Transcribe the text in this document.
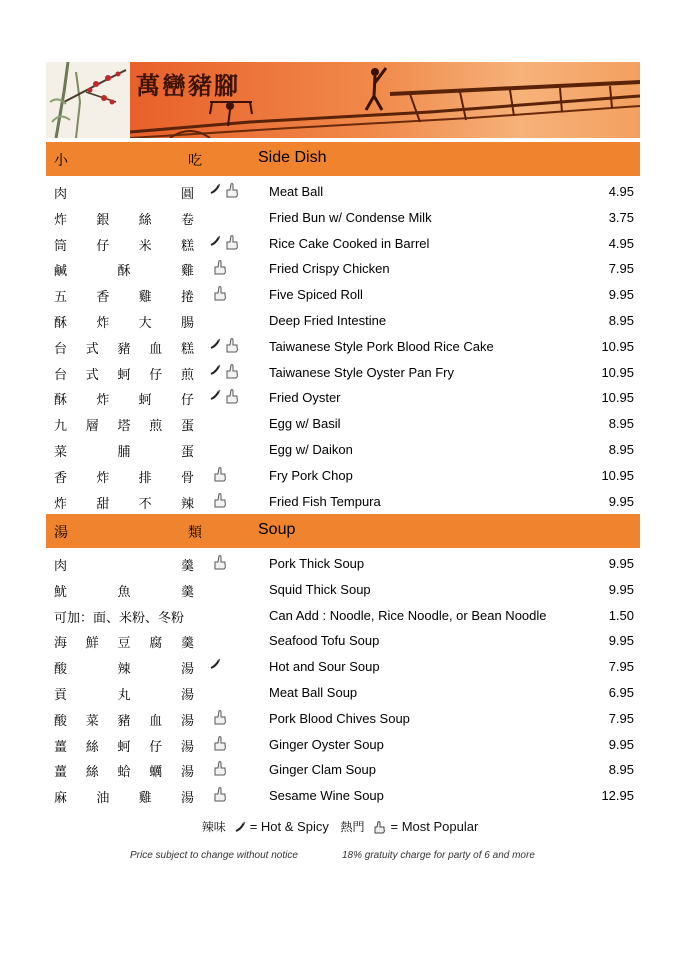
萬巒豬腳
小	吃	Side Dish
肉	圓	Meat Ball	4.95
炸 銀 絲 卷	Fried Bun w/ Condense Milk	3.75
筒 仔 米 糕	Rice Cake Cooked in Barrel	4.95
鹹	酥	雞	Fried Crispy Chicken	7.95
五 香 雞 捲	Five Spiced Roll	9.95
酥 炸 大 腸	Deep Fried Intestine	8.95
台 式 豬 血 糕	Taiwanese Style Pork Blood Rice Cake	10.95
台 式 蚵 仔 煎	Taiwanese Style Oyster Pan Fry	10.95
酥 炸 蚵 仔	Fried Oyster	10.95
九 層 塔 煎 蛋	Egg w/ Basil	8.95
菜	脯	蛋	Egg w/ Daikon	8.95
香 炸 排 骨	Fry Pork Chop	10.95
炸 甜 不 辣	Fried Fish Tempura	9.95
湯	類	Soup
肉	羹	Pork Thick Soup	9.95
魷	魚	羹	Squid Thick Soup	9.95
可加：面、米粉、冬粉	Can Add : Noodle, Rice Noodle, or Bean Noodle	1.50
海 鮮 豆 腐 羹	Seafood Tofu Soup	9.95
酸	辣	湯	Hot and Sour Soup	7.95
貢	丸	湯	Meat Ball Soup	6.95
酸 菜 豬 血 湯	Pork Blood Chives Soup	7.95
薑 絲 蚵 仔 湯	Ginger Oyster Soup	9.95
薑 絲 蛤 蠣 湯	Ginger Clam Soup	8.95
麻 油 雞 湯	Sesame Wine Soup	12.95
辣味 = Hot & Spicy
熱門 = Most Popular
Price subject to change without notice	18% gratuity charge for party of 6 and more
